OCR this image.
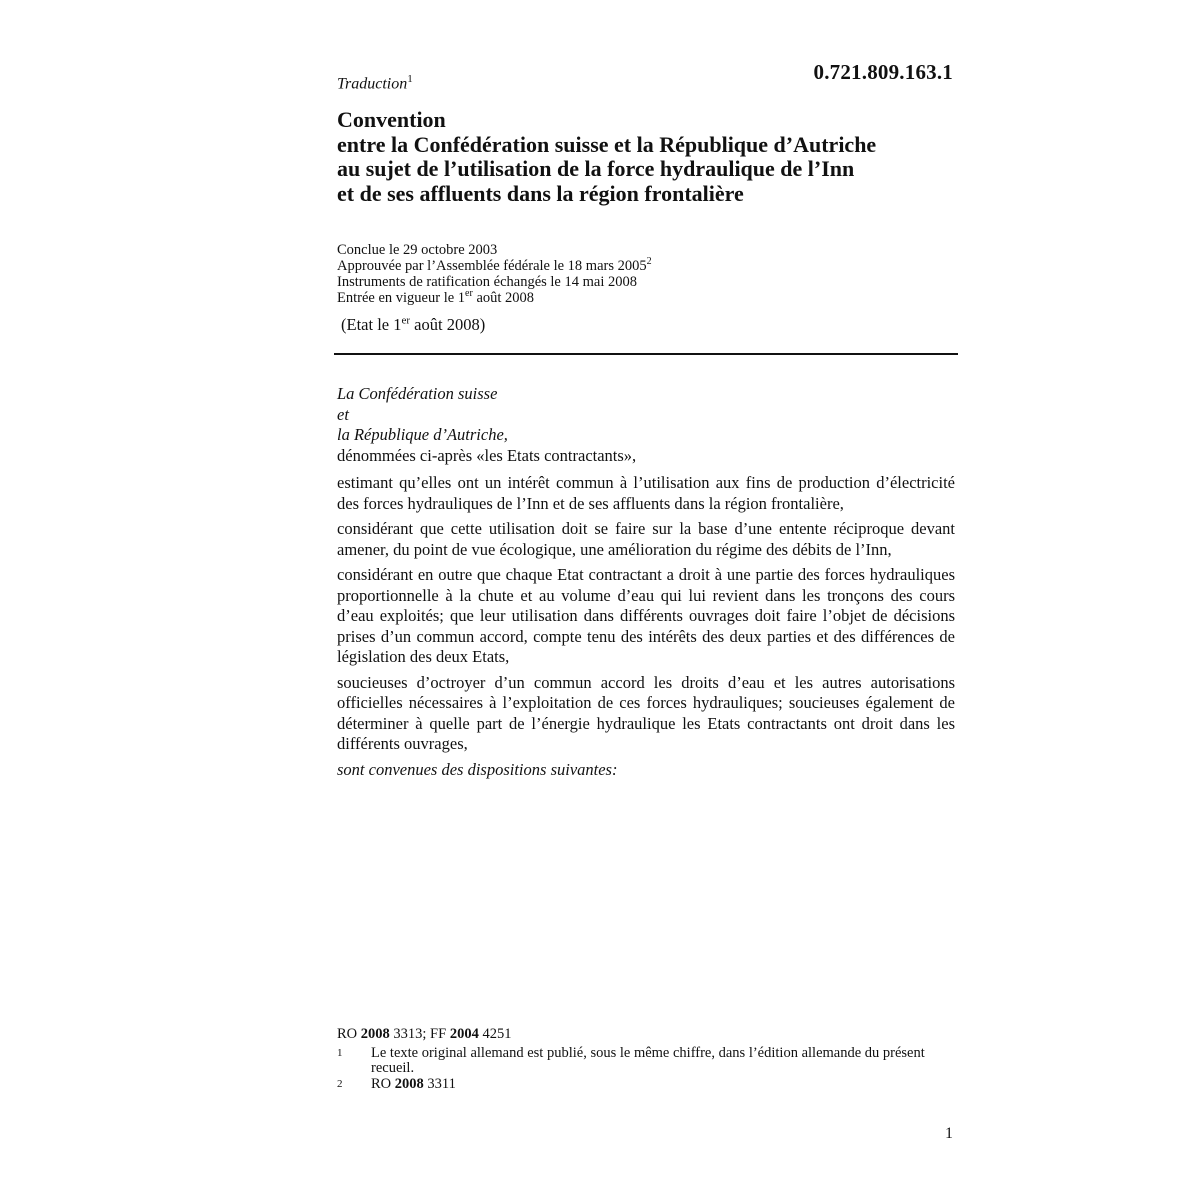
0.721.809.163.1
Traduction$^1$
Convention
entre la Confédération suisse et la République d’Autriche
au sujet de l’utilisation de la force hydraulique de l’Inn
et de ses affluents dans la région frontalière
Conclue le 29 octobre 2003
Approuvée par l’Assemblée fédérale le 18 mars 2005$^2$
Instruments de ratification échangés le 14 mai 2008
Entrée en vigueur le 1er août 2008
(Etat le 1er août 2008)
La Confédération suisse
et
la République d’Autriche,
dénommées ci-après «les Etats contractants»,

estimant qu’elles ont un intérêt commun à l’utilisation aux fins de production d’électricité des forces hydrauliques de l’Inn et de ses affluents dans la région frontalière,

considérant que cette utilisation doit se faire sur la base d’une entente réciproque devant amener, du point de vue écologique, une amélioration du régime des débits de l’Inn,

considérant en outre que chaque Etat contractant a droit à une partie des forces hydrauliques proportionnelle à la chute et au volume d’eau qui lui revient dans les tronçons des cours d’eau exploités; que leur utilisation dans différents ouvrages doit faire l’objet de décisions prises d’un commun accord, compte tenu des intérêts des deux parties et des différences de législation des deux Etats,

soucieuses d’octroyer d’un commun accord les droits d’eau et les autres autorisations officielles nécessaires à l’exploitation de ces forces hydrauliques; soucieuses également de déterminer à quelle part de l’énergie hydraulique les Etats contractants ont droit dans les différents ouvrages,

sont convenues des dispositions suivantes:

RO 2008 3313; FF 2004 4251
1	Le texte original allemand est publié, sous le même chiffre, dans l’édition allemande du présent recueil.
2	RO 2008 3311
1
